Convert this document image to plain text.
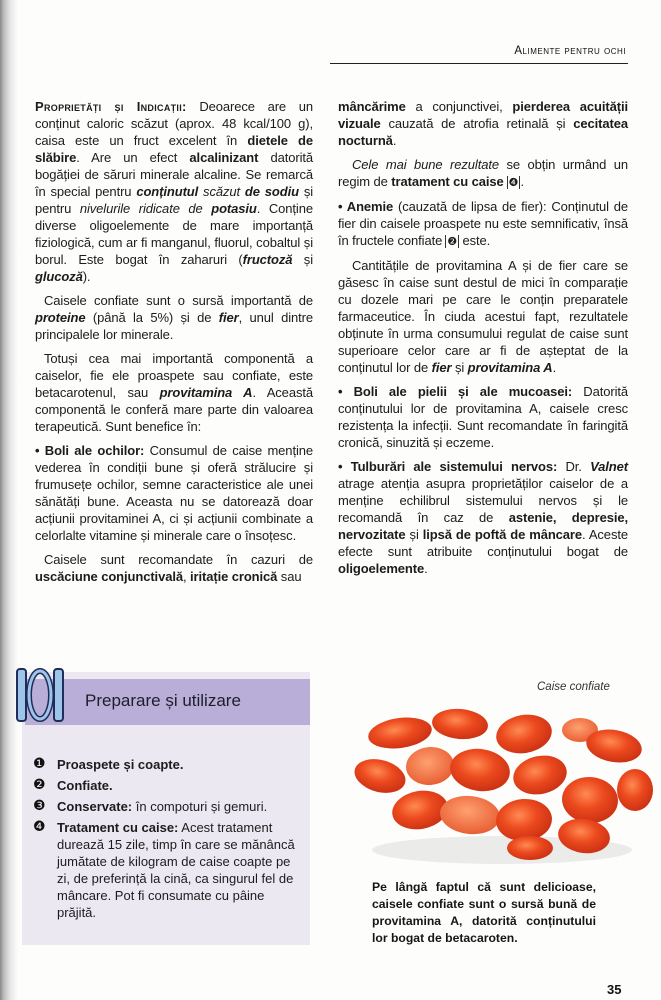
Alimente pentru ochi

Proprietăți și Indicații: Deoarece are un conținut caloric scăzut (aprox. 48 kcal/100 g), caisa este un fruct excelent în dietele de slăbire. Are un efect alcalinizant datorită bogăției de săruri minerale alcaline. Se remarcă în special pentru conținutul scăzut de sodiu și pentru nivelurile ridicate de potasiu. Conține diverse oligoelemente de mare importanță fiziologică, cum ar fi manganul, fluorul, cobaltul și borul. Este bogat în zaharuri (fructoză și glucoză).

Caisele confiate sunt o sursă importantă de proteine (până la 5%) și de fier, unul dintre principalele lor minerale.

Totuși cea mai importantă componentă a caiselor, fie ele proaspete sau confiate, este betacarotenul, sau provitamina A. Această componentă le conferă mare parte din valoarea terapeutică. Sunt benefice în:

• Boli ale ochilor: Consumul de caise menține vederea în condiții bune și oferă strălucire și frumusețe ochilor, semne caracteristice ale unei sănătăți bune. Aceasta nu se datorează doar acțiunii provitaminei A, ci și acțiunii combinate a celorlalte vitamine și minerale care o însoțesc.

Caisele sunt recomandate în cazuri de uscăciune conjunctivală, iritație cronică sau

mâncărime a conjunctivei, pierderea acuității vizuale cauzată de atrofia retinală și cecitatea nocturnă.

Cele mai bune rezultate se obțin urmând un regim de tratament cu caise ❹ .

• Anemie (cauzată de lipsa de fier): Conținutul de fier din caisele proaspete nu este semnificativ, însă în fructele confiate ❷ este.

Cantitățile de provitamina A și de fier care se găsesc în caise sunt destul de mici în comparație cu dozele mari pe care le conțin preparatele farmaceutice. În ciuda acestui fapt, rezultatele obținute în urma consumului regulat de caise sunt superioare celor care ar fi de așteptat de la conținutul lor de fier și provitamina A.

• Boli ale pielii și ale mucoasei: Datorită conținutului lor de provitamina A, caisele cresc rezistența la infecții. Sunt recomandate în faringită cronică, sinuzită și eczeme.

• Tulburări ale sistemului nervos: Dr. Valnet atrage atenția asupra proprietăților caiselor de a menține echilibrul sistemului nervos și le recomandă în caz de astenie, depresie, nervozitate și lipsă de poftă de mâncare. Aceste efecte sunt atribuite conținutului bogat de oligoelemente.

Preparare și utilizare
❶ Proaspete și coapte.
❷ Confiate.
❸ Conservate: în compoturi și gemuri.
❹ Tratament cu caise: Acest tratament durează 15 zile, timp în care se mănâncă jumătate de kilogram de caise coapte pe zi, de preferință la cină, ca singurul fel de mâncare. Pot fi consumate cu pâine prăjită.
Caise confiate
Pe lângă faptul că sunt delicioase, caisele confiate sunt o sursă bună de provitamina A, datorită conținutului lor bogat de betacaroten.
35
